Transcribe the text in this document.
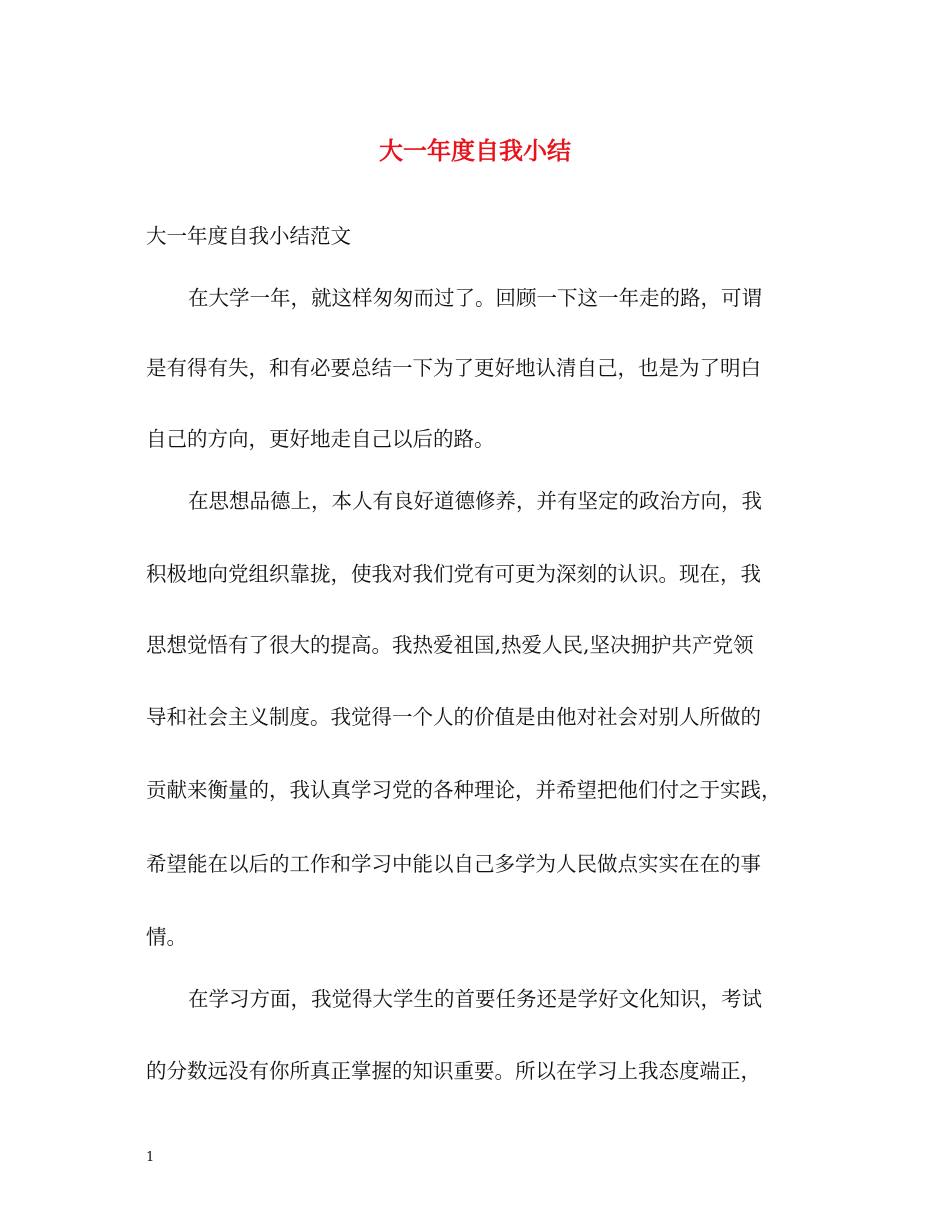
大一年度自我小结

大一年度自我小结范文

在大学一年，就这样匆匆而过了。回顾一下这一年走的路，可谓

是有得有失，和有必要总结一下为了更好地认清自己，也是为了明白

自己的方向，更好地走自己以后的路。

在思想品德上，本人有良好道德修养，并有坚定的政治方向，我

积极地向党组织靠拢，使我对我们党有可更为深刻的认识。现在，我

思想觉悟有了很大的提高。我热爱祖国,热爱人民,坚决拥护共产党领

导和社会主义制度。我觉得一个人的价值是由他对社会对别人所做的

贡献来衡量的，我认真学习党的各种理论，并希望把他们付之于实践，

希望能在以后的工作和学习中能以自己多学为人民做点实实在在的事

情。

在学习方面，我觉得大学生的首要任务还是学好文化知识，考试

的分数远没有你所真正掌握的知识重要。所以在学习上我态度端正，

1
